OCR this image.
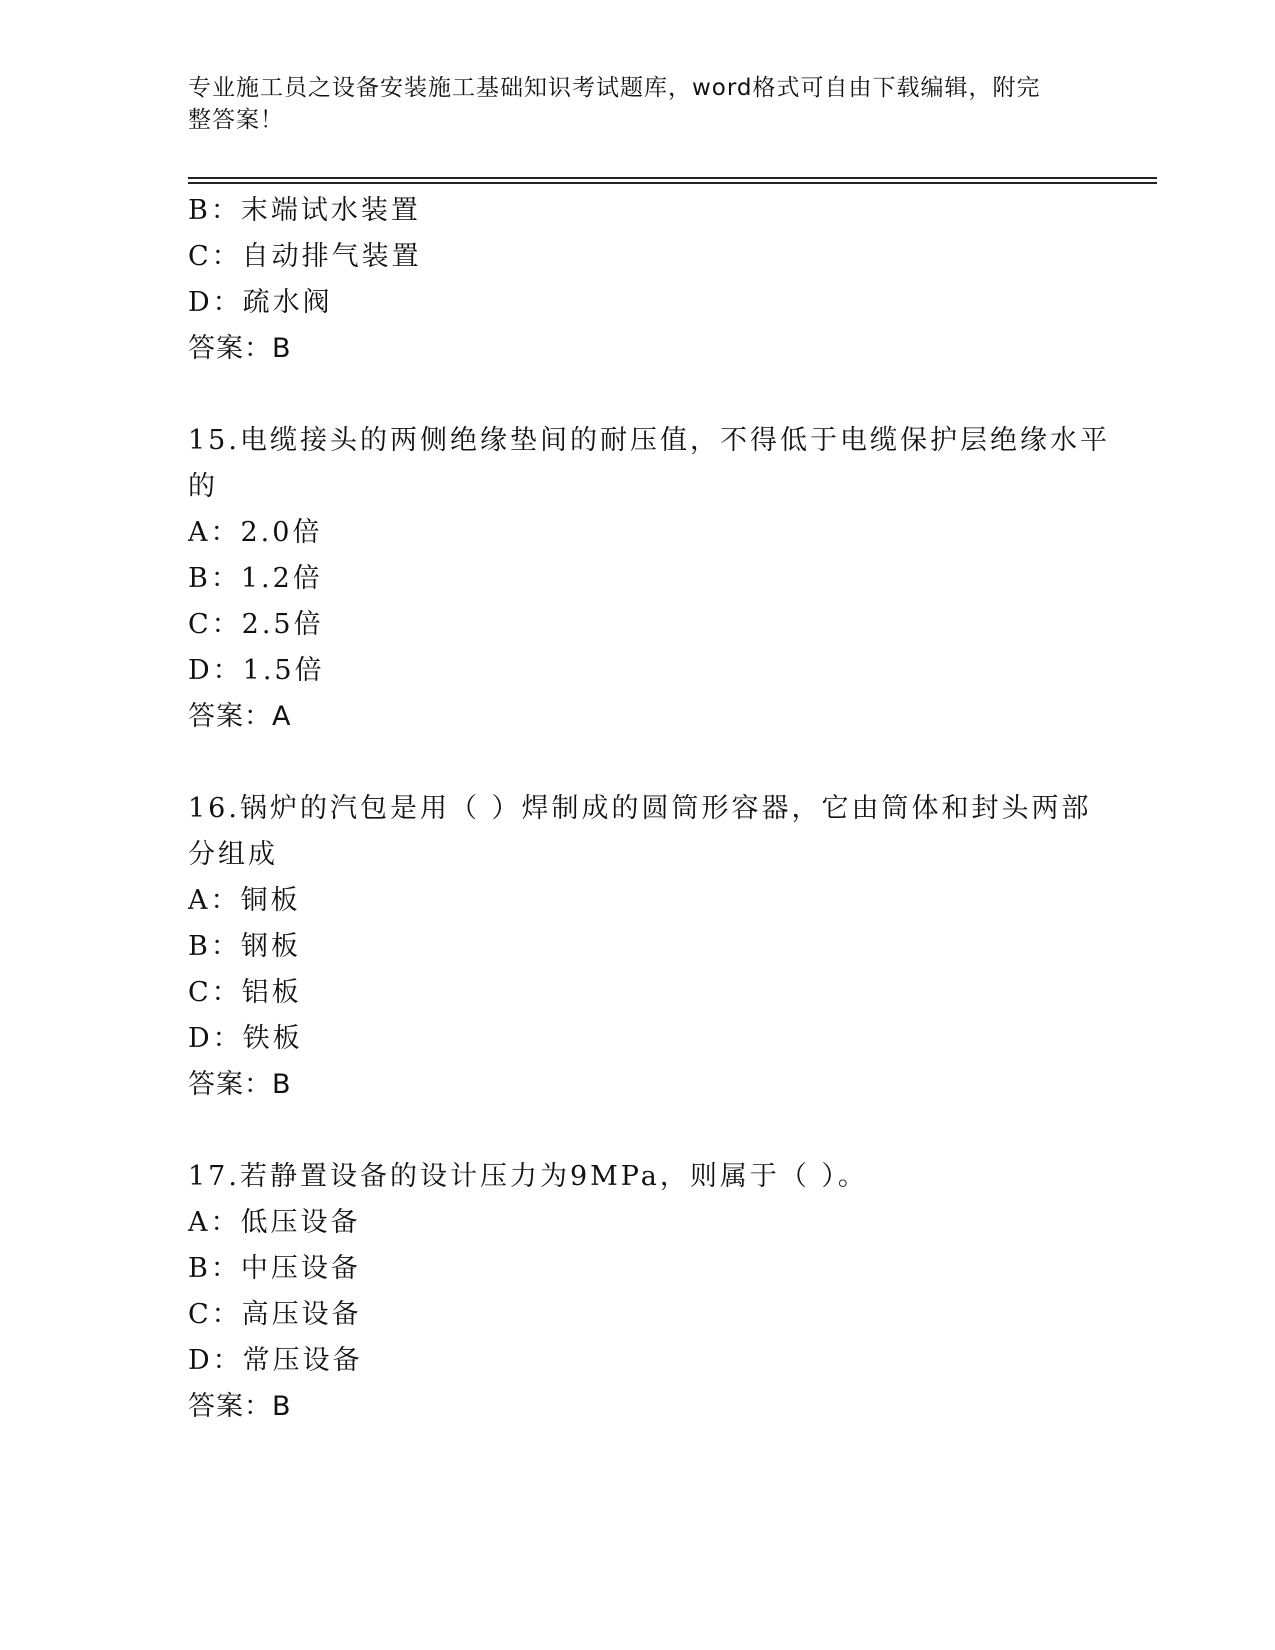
专业施工员之设备安装施工基础知识考试题库，word格式可自由下载编辑，附完
整答案！
B：末端试水装置
C：自动排气装置
D：疏水阀
答案：B
15.电缆接头的两侧绝缘垫间的耐压值，不得低于电缆保护层绝缘水平
的
A：2.0倍
B：1.2倍
C：2.5倍
D：1.5倍
答案：A
16.锅炉的汽包是用（ ）焊制成的圆筒形容器，它由筒体和封头两部
分组成
A：铜板
B：钢板
C：铝板
D：铁板
答案：B
17.若静置设备的设计压力为9MPa，则属于（ ）。
A：低压设备
B：中压设备
C：高压设备
D：常压设备
答案：B
